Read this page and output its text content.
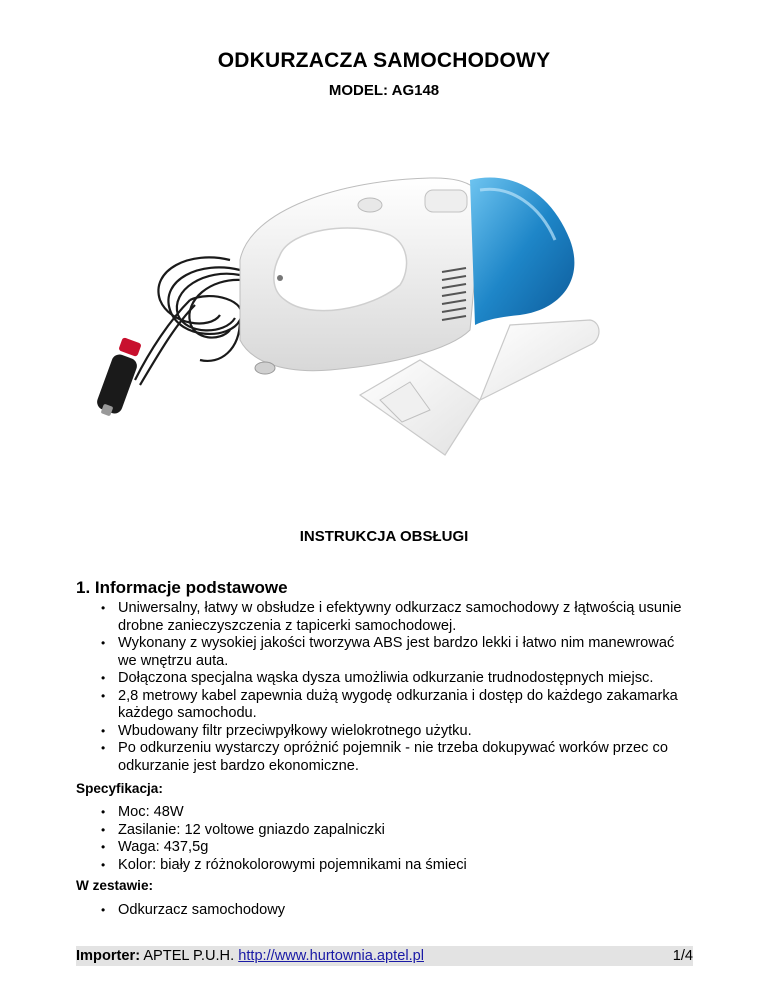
ODKURZACZA SAMOCHODOWY
MODEL: AG148
INSTRUKCJA OBSŁUGI
1. Informacje podstawowe
• Uniwersalny, łatwy w obsłudze i efektywny odkurzacz samochodowy z łątwością usunie drobne zanieczyszczenia z tapicerki samochodowej.
• Wykonany z wysokiej jakości tworzywa ABS jest bardzo lekki i łatwo nim manewrować we wnętrzu auta.
• Dołączona specjalna wąska dysza umożliwia odkurzanie trudnodostępnych miejsc.
• 2,8 metrowy kabel zapewnia dużą wygodę odkurzania i dostęp do każdego zakamarka każdego samochodu.
• Wbudowany filtr przeciwpyłkowy wielokrotnego użytku.
• Po odkurzeniu wystarczy opróżnić pojemnik - nie trzeba dokupywać worków przec co odkurzanie jest bardzo ekonomiczne.
Specyfikacja:
• Moc: 48W
• Zasilanie: 12 voltowe gniazdo zapalniczki
• Waga: 437,5g
• Kolor: biały z różnokolorowymi pojemnikami na śmieci
W zestawie:
• Odkurzacz samochodowy
Importer: APTEL P.U.H. http://www.hurtownia.aptel.pl	1/4
